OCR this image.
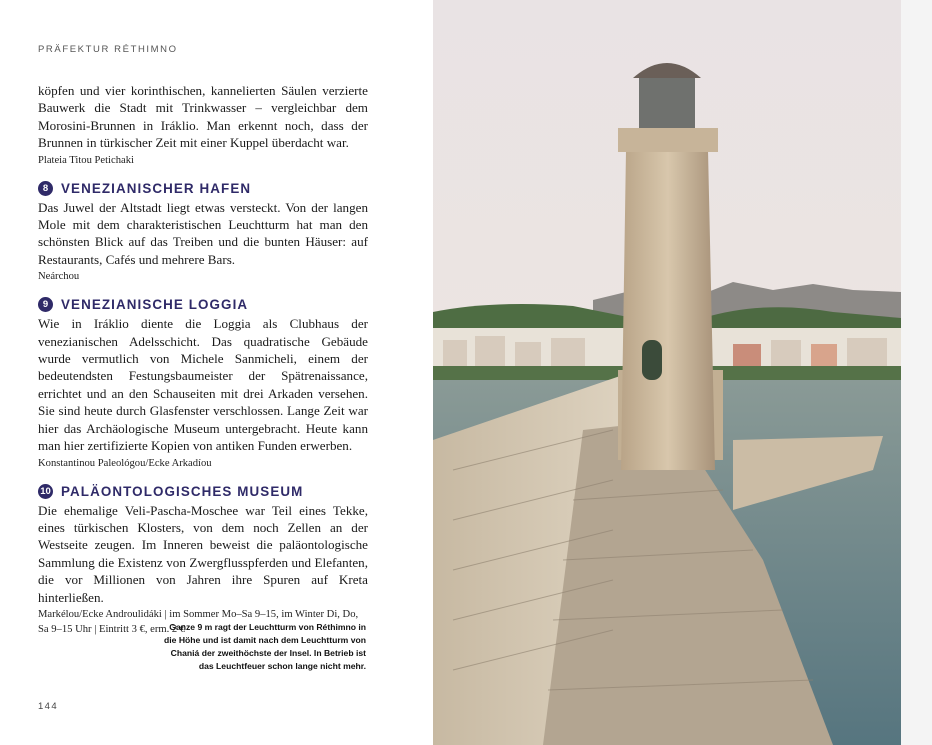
PRÄFEKTUR RÉTHIMNO

köpfen und vier korinthischen, kannelierten Säulen verzierte Bauwerk die Stadt mit Trinkwasser – vergleichbar dem Morosini-Brunnen in Iráklio. Man erkennt noch, dass der Brunnen in türkischer Zeit mit einer Kuppel überdacht war.

Plateia Titou Petichaki

8 VENEZIANISCHER HAFEN

Das Juwel der Altstadt liegt etwas versteckt. Von der langen Mole mit dem charakteristischen Leuchtturm hat man den schönsten Blick auf das Treiben und die bunten Häuser: auf Restaurants, Cafés und mehrere Bars.

Neárchou

9 VENEZIANISCHE LOGGIA

Wie in Iráklio diente die Loggia als Clubhaus der venezianischen Adelsschicht. Das quadratische Gebäude wurde vermutlich von Michele Sanmicheli, einem der bedeutendsten Festungsbaumeister der Spätrenaissance, errichtet und an den Schauseiten mit drei Arkaden versehen. Sie sind heute durch Glasfenster verschlossen. Lange Zeit war hier das Archäologische Museum untergebracht. Heute kann man hier zertifizierte Kopien von antiken Funden erwerben.

Konstantinou Paleológou/Ecke Arkadíou

10 PALÄONTOLOGISCHES MUSEUM

Die ehemalige Veli-Pascha-Moschee war Teil eines Tekke, eines türkischen Klosters, von dem noch Zellen an der Westseite zeugen. Im Inneren beweist die paläontologische Sammlung die Existenz von Zwergflusspferden und Elefanten, die vor Millionen von Jahren ihre Spuren auf Kreta hinterließen.

Markélou/Ecke Androulidáki | im Sommer Mo–Sa 9–15, im Winter Di, Do, Sa 9–15 Uhr | Eintritt 3 €, erm. 2 €

Ganze 9 m ragt der Leuchtturm von Réthimno in die Höhe und ist damit nach dem Leuchtturm von Chaniá der zweithöchste der Insel. In Betrieb ist das Leuchtfeuer schon lange nicht mehr.
144
